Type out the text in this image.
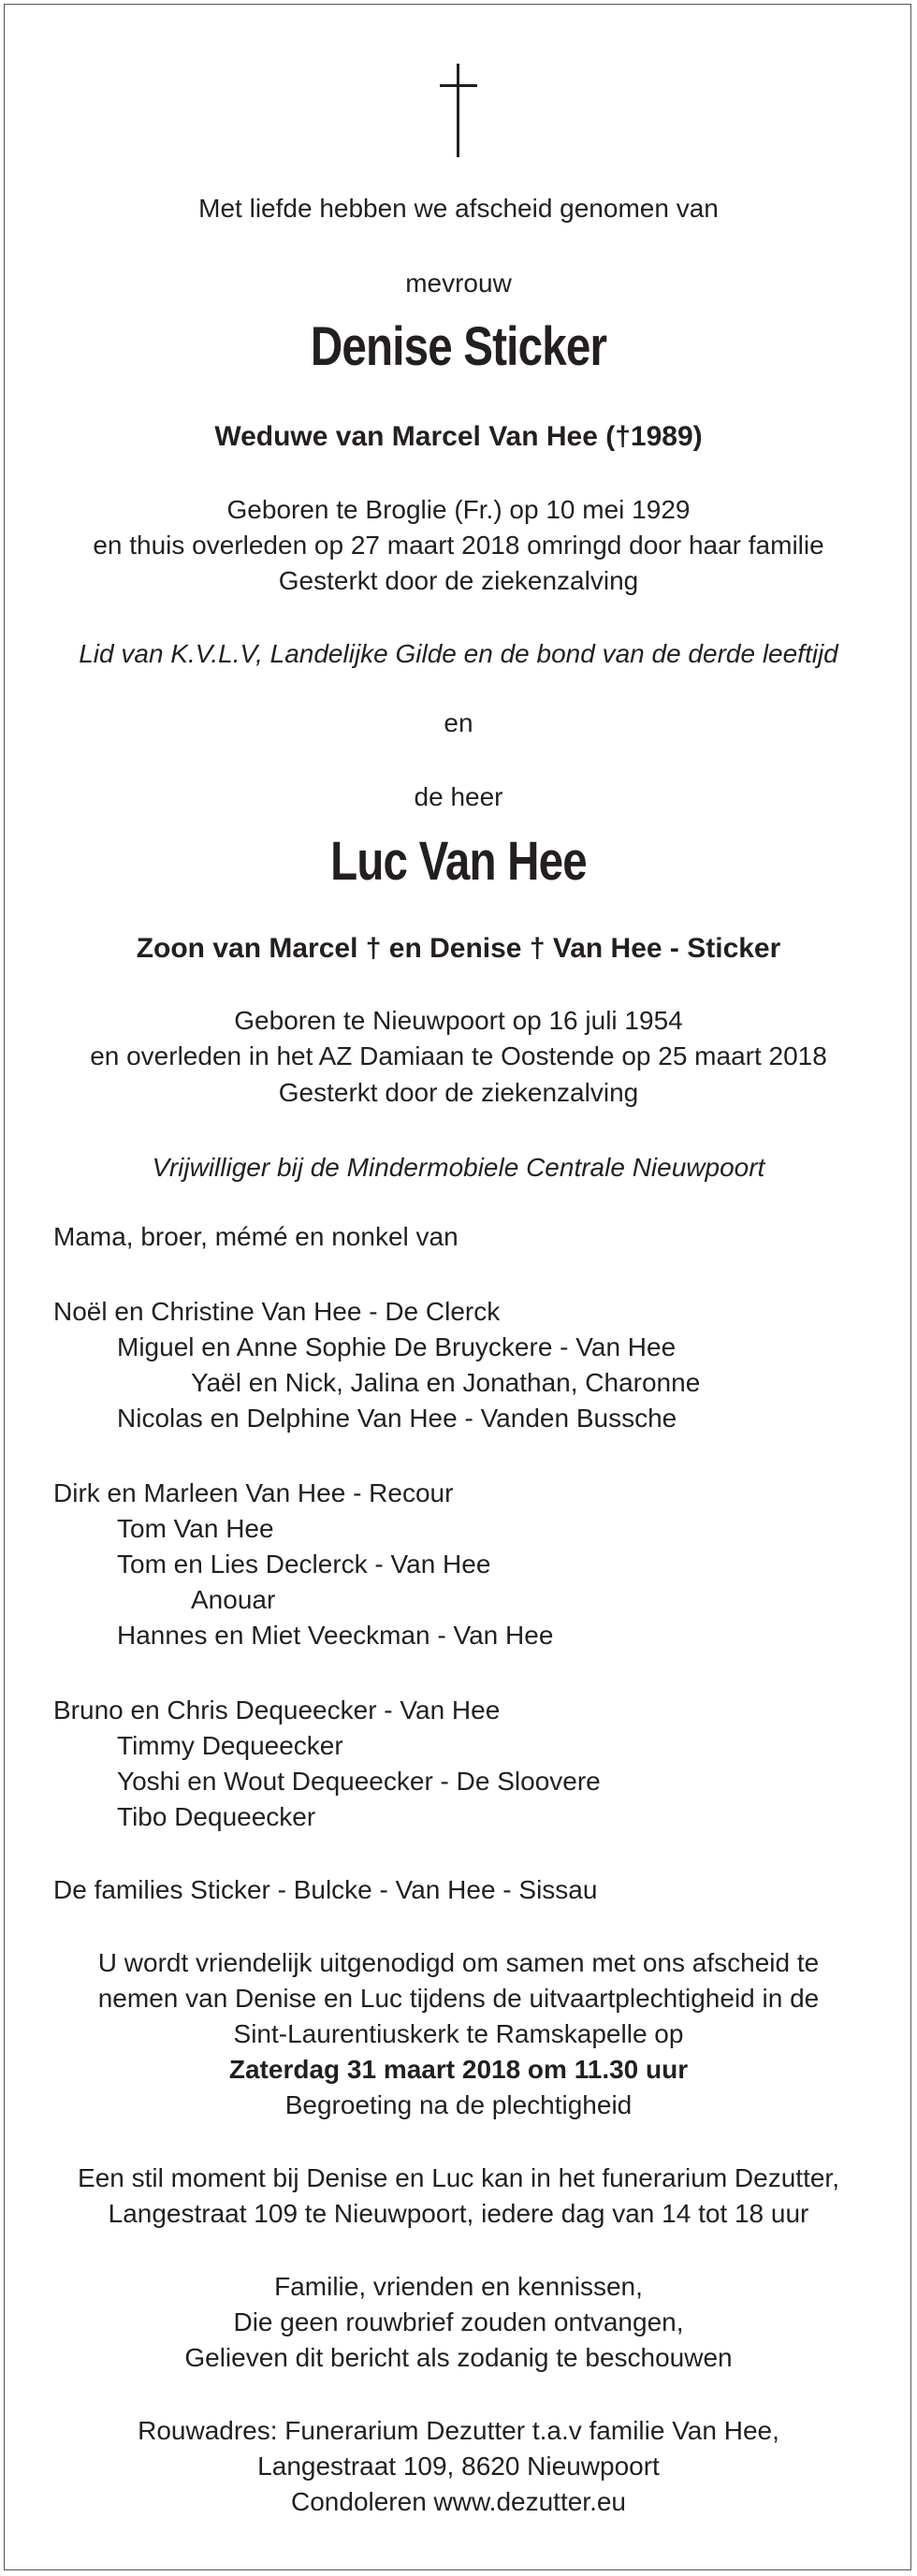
Met liefde hebben we afscheid genomen van
mevrouw
Denise Sticker
Weduwe van Marcel Van Hee (†1989)
Geboren te Broglie (Fr.) op 10 mei 1929
en thuis overleden op 27 maart 2018 omringd door haar familie
Gesterkt door de ziekenzalving
Lid van K.V.L.V, Landelijke Gilde en de bond van de derde leeftijd
en
de heer
Luc Van Hee
Zoon van Marcel † en Denise † Van Hee - Sticker
Geboren te Nieuwpoort op 16 juli 1954
en overleden in het AZ Damiaan te Oostende op 25 maart 2018
Gesterkt door de ziekenzalving
Vrijwilliger bij de Mindermobiele Centrale Nieuwpoort
Mama, broer, mémé en nonkel van
Noël en Christine Van Hee - De Clerck
Miguel en Anne Sophie De Bruyckere - Van Hee
Yaël en Nick, Jalina en Jonathan, Charonne
Nicolas en Delphine Van Hee - Vanden Bussche
Dirk en Marleen Van Hee - Recour
Tom Van Hee
Tom en Lies Declerck - Van Hee
Anouar
Hannes en Miet Veeckman - Van Hee
Bruno en Chris Dequeecker - Van Hee
Timmy Dequeecker
Yoshi en Wout Dequeecker - De Sloovere
Tibo Dequeecker
De families Sticker - Bulcke - Van Hee - Sissau
U wordt vriendelijk uitgenodigd om samen met ons afscheid te
nemen van Denise en Luc tijdens de uitvaartplechtigheid in de
Sint-Laurentiuskerk te Ramskapelle op
Zaterdag 31 maart 2018 om 11.30 uur
Begroeting na de plechtigheid
Een stil moment bij Denise en Luc kan in het funerarium Dezutter,
Langestraat 109 te Nieuwpoort, iedere dag van 14 tot 18 uur
Familie, vrienden en kennissen,
Die geen rouwbrief zouden ontvangen,
Gelieven dit bericht als zodanig te beschouwen
Rouwadres: Funerarium Dezutter t.a.v familie Van Hee,
Langestraat 109, 8620 Nieuwpoort
Condoleren www.dezutter.eu
